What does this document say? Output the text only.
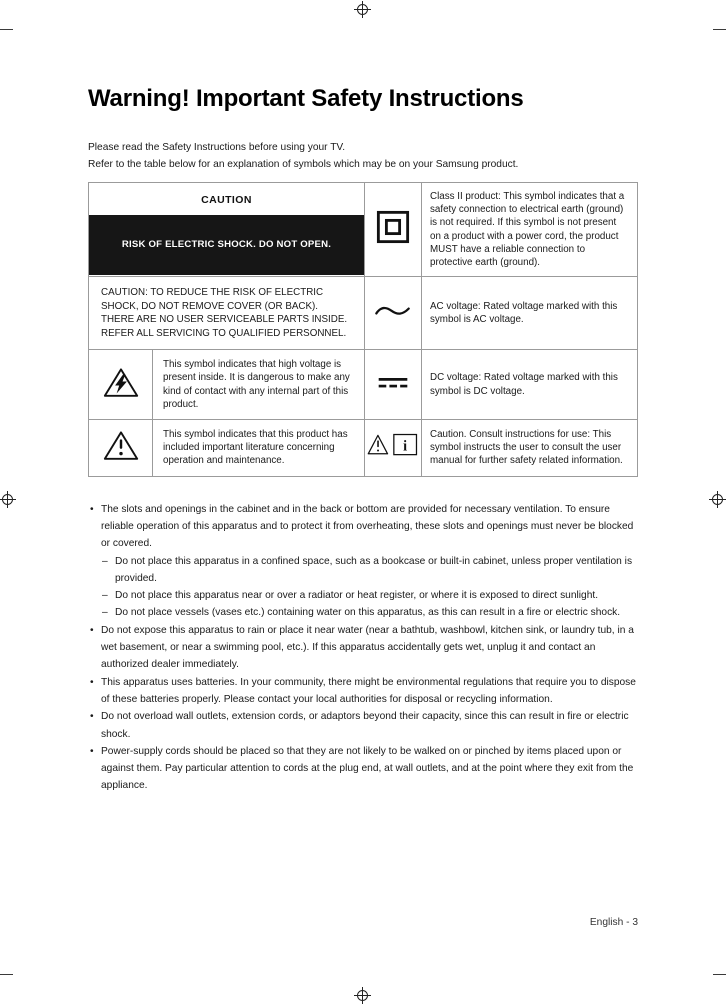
Warning! Important Safety Instructions

Please read the Safety Instructions before using your TV.

Refer to the table below for an explanation of symbols which may be on your Samsung product.

CAUTION
RISK OF ELECTRIC SHOCK. DO NOT OPEN.			Class II product: This symbol indicates that a safety connection to electrical earth (ground) is not required. If this symbol is not present on a product with a power cord, the product MUST have a reliable connection to protective earth (ground).
CAUTION: TO REDUCE THE RISK OF ELECTRIC SHOCK, DO NOT REMOVE COVER (OR BACK). THERE ARE NO USER SERVICEABLE PARTS INSIDE. REFER ALL SERVICING TO QUALIFIED PERSONNEL.			AC voltage: Rated voltage marked with this symbol is AC voltage.
	This symbol indicates that high voltage is present inside. It is dangerous to make any kind of contact with any internal part of this product.		DC voltage: Rated voltage marked with this symbol is DC voltage.
	This symbol indicates that this product has included important literature concerning operation and maintenance.	i	Caution. Consult instructions for use: This symbol instructs the user to consult the user manual for further safety related information.
• The slots and openings in the cabinet and in the back or bottom are provided for necessary ventilation. To ensure reliable operation of this apparatus and to protect it from overheating, these slots and openings must never be blocked or covered.
– Do not place this apparatus in a confined space, such as a bookcase or built-in cabinet, unless proper ventilation is provided.
– Do not place this apparatus near or over a radiator or heat register, or where it is exposed to direct sunlight.
– Do not place vessels (vases etc.) containing water on this apparatus, as this can result in a fire or electric shock.
• Do not expose this apparatus to rain or place it near water (near a bathtub, washbowl, kitchen sink, or laundry tub, in a wet basement, or near a swimming pool, etc.). If this apparatus accidentally gets wet, unplug it and contact an authorized dealer immediately.
• This apparatus uses batteries. In your community, there might be environmental regulations that require you to dispose of these batteries properly. Please contact your local authorities for disposal or recycling information.
• Do not overload wall outlets, extension cords, or adaptors beyond their capacity, since this can result in fire or electric shock.
• Power-supply cords should be placed so that they are not likely to be walked on or pinched by items placed upon or against them. Pay particular attention to cords at the plug end, at wall outlets, and at the point where they exit from the appliance.
English - 3
